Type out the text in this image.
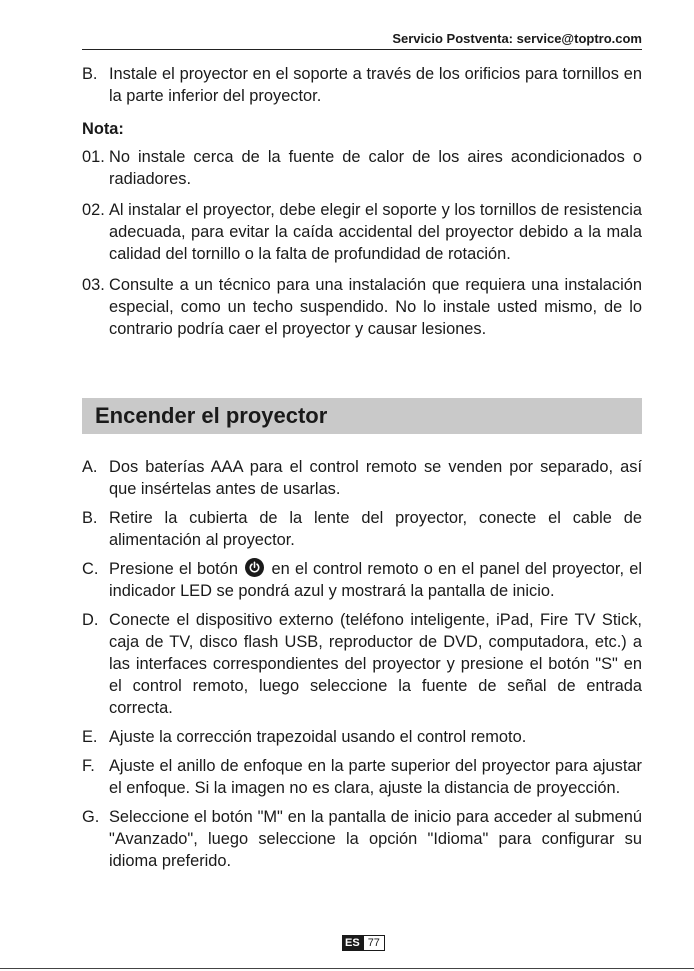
Servicio Postventa: service@toptro.com

B. Instale el proyector en el soporte a través de los orificios para tornillos en la parte inferior del proyector.

Nota:

01. No instale cerca de la fuente de calor de los aires acondicionados o radiadores.

02. Al instalar el proyector, debe elegir el soporte y los tornillos de resistencia adecuada, para evitar la caída accidental del proyector debido a la mala calidad del tornillo o la falta de profundidad de rotación.

03. Consulte a un técnico para una instalación que requiera una instalación especial, como un techo suspendido. No lo instale usted mismo, de lo contrario podría caer el proyector y causar lesiones.

Encender el proyector

A. Dos baterías AAA para el control remoto se venden por separado, así que insértelas antes de usarlas.

B. Retire la cubierta de la lente del proyector, conecte el cable de alimentación al proyector.

C. Presione el botón en el control remoto o en el panel del proyector, el indicador LED se pondrá azul y mostrará la pantalla de inicio.

D. Conecte el dispositivo externo (teléfono inteligente, iPad, Fire TV Stick, caja de TV, disco flash USB, reproductor de DVD, computadora, etc.) a las interfaces correspondientes del proyector y presione el botón "S" en el control remoto, luego seleccione la fuente de señal de entrada correcta.

E. Ajuste la corrección trapezoidal usando el control remoto.

F. Ajuste el anillo de enfoque en la parte superior del proyector para ajustar el enfoque. Si la imagen no es clara, ajuste la distancia de proyección.

G. Seleccione el botón "M" en la pantalla de inicio para acceder al submenú "Avanzado", luego seleccione la opción "Idioma" para configurar su idioma preferido.

ES 77
